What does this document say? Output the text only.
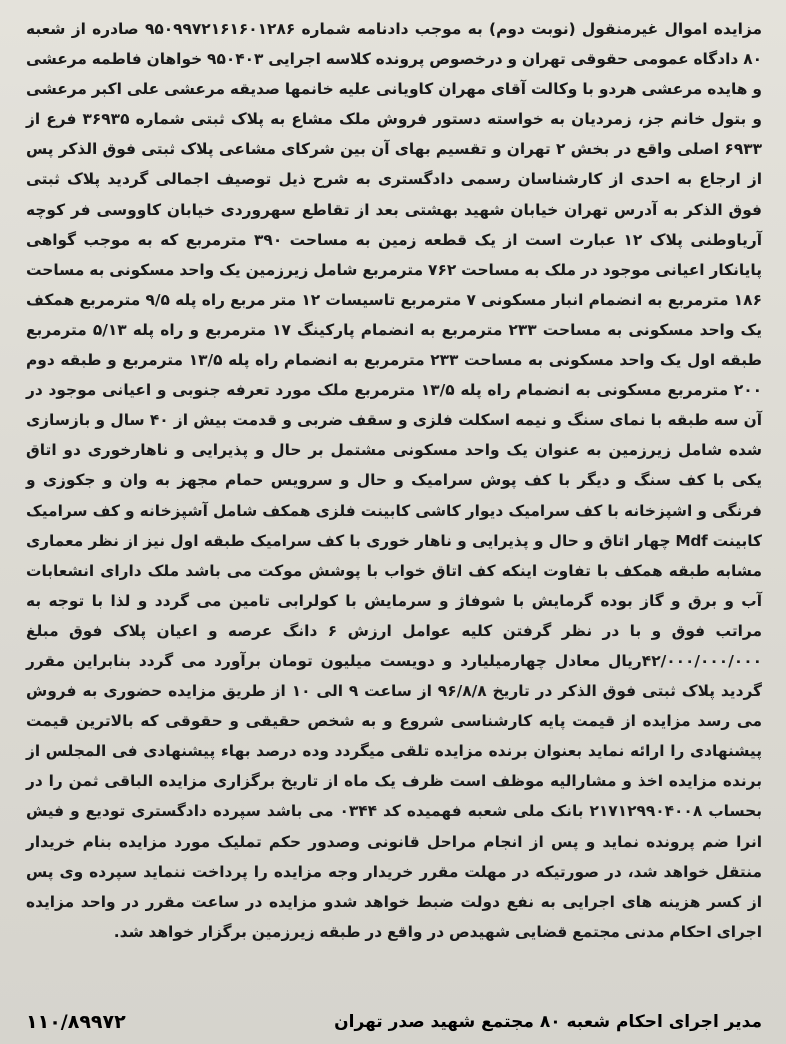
مزایده اموال غیرمنقول (نوبت دوم) به موجب دادنامه شماره ۹۵۰۹۹۷۲۱۶۱۶۰۱۲۸۶ صادره از شعبه ۸۰ دادگاه عمومی حقوقی تهران و درخصوص پرونده کلاسه اجرایی ۹۵۰۴۰۳ خواهان فاطمه مرعشی و هایده مرعشی هردو با وکالت آقای مهران کاویانی علیه خانمها صدیقه مرعشی علی اکبر مرعشی و بتول خانم جز، زمردیان به خواسته دستور فروش ملک مشاع به پلاک ثبتی شماره ۳۶۹۳۵ فرع از ۶۹۳۳ اصلی واقع در بخش ۲ تهران و تقسیم بهای آن بین شرکای مشاعی پلاک ثبتی فوق الذکر پس از ارجاع به احدی از کارشناسان رسمی دادگستری به شرح ذیل توصیف اجمالی گردید پلاک ثبتی فوق الذکر به آدرس تهران خیابان شهید بهشتی بعد از تقاطع سهروردی خیابان کاووسی فر کوچه آریاوطنی پلاک ۱۲ عبارت است از یک قطعه زمین به مساحت ۳۹۰ مترمربع که به موجب گواهی پایانکار اعیانی موجود در ملک به مساحت ۷۶۲ مترمربع شامل زیرزمین یک واحد مسکونی به مساحت ۱۸۶ مترمربع به انضمام انبار مسکونی ۷ مترمربع تاسیسات ۱۲ متر مربع راه پله ۹/۵ مترمربع همکف یک واحد مسکونی به مساحت ۲۳۳ مترمربع به انضمام پارکینگ ۱۷ مترمربع و راه پله ۵/۱۳ مترمربع طبقه اول یک واحد مسکونی به مساحت ۲۳۳ مترمربع به انضمام راه پله ۱۳/۵ مترمربع و طبقه دوم ۲۰۰ مترمربع مسکونی به انضمام راه پله ۱۳/۵ مترمربع ملک مورد تعرفه جنوبی و اعیانی موجود در آن سه طبقه با نمای سنگ و نیمه اسکلت فلزی و سقف ضربی و قدمت بیش از ۴۰ سال و بازسازی شده شامل زیرزمین به عنوان یک واحد مسکونی مشتمل بر حال و پذیرایی و ناهارخوری دو اتاق یکی با کف سنگ و دیگر با کف پوش سرامیک و حال و سرویس حمام مجهز به وان و جکوزی و فرنگی و اشپزخانه با کف سرامیک دیوار کاشی کابینت فلزی همکف شامل آشپزخانه و کف سرامیک کابینت Mdf چهار اتاق و حال و پذیرایی و ناهار خوری با کف سرامیک طبقه اول نیز از نظر معماری مشابه طبقه همکف با تفاوت اینکه کف اتاق خواب با پوشش موکت می باشد ملک دارای انشعابات آب و برق و گاز بوده گرمایش با شوفاژ و سرمایش با کولرابی تامین می گردد و لذا با توجه به مراتب فوق و با در نظر گرفتن کلیه عوامل ارزش ۶ دانگ عرصه و اعیان پلاک فوق مبلغ ۴۲/۰۰۰/۰۰۰/۰۰۰ریال معادل چهارمیلیارد و دویست میلیون تومان برآورد می گردد بنابراین مقرر گردید پلاک ثبتی فوق الذکر در تاریخ ۹۶/۸/۸ از ساعت ۹ الی ۱۰ از طریق مزایده حضوری به فروش می رسد مزایده از قیمت پایه کارشناسی شروع و به شخص حقیقی و حقوقی که بالاترین قیمت پیشنهادی را ارائه نماید بعنوان برنده مزایده تلقی میگردد وده درصد بهاء پیشنهادی فی المجلس از برنده مزایده اخذ و مشارالیه موظف است ظرف یک ماه از تاریخ برگزاری مزایده الباقی ثمن را در بحساب ۲۱۷۱۲۹۹۰۴۰۰۸ بانک ملی شعبه فهمیده کد ۰۳۴۴ می باشد سپرده دادگستری تودیع و فیش انرا ضم پرونده نماید و پس از انجام مراحل قانونی وصدور حکم تملیک مورد مزایده بنام خریدار منتقل خواهد شد، در صورتیکه در مهلت مقرر خریدار وجه مزایده را پرداخت ننماید سپرده وی پس از کسر هزینه های اجرایی به نفع دولت ضبط خواهد شدو مزایده در ساعت مقرر در واحد مزایده اجرای احکام مدنی مجتمع قضایی شهیدص در واقع در طبقه زیرزمین برگزار خواهد شد.

مدیر اجرای احکام شعبه ۸۰ مجتمع شهید صدر تهران
۱۱۰/۸۹۹۷۲
